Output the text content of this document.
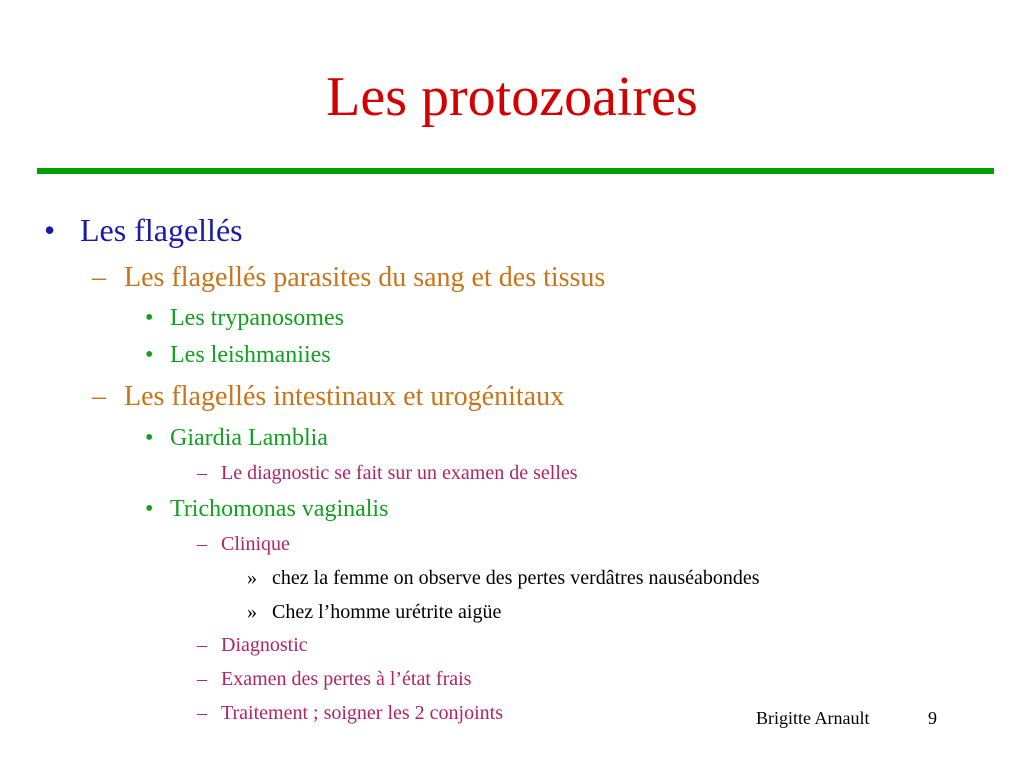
Les protozoaires
• Les flagellés
– Les flagellés parasites du sang et des tissus
• Les trypanosomes
• Les leishmaniies
– Les flagellés intestinaux et urogénitaux
• Giardia Lamblia
– Le diagnostic se fait sur un examen de selles
• Trichomonas vaginalis
– Clinique
» chez la femme on observe des pertes verdâtres nauséabondes
» Chez l’homme urétrite aigüe
– Diagnostic
– Examen des pertes à l’état frais
– Traitement ; soigner les 2 conjoints	Brigitte Arnault	9
